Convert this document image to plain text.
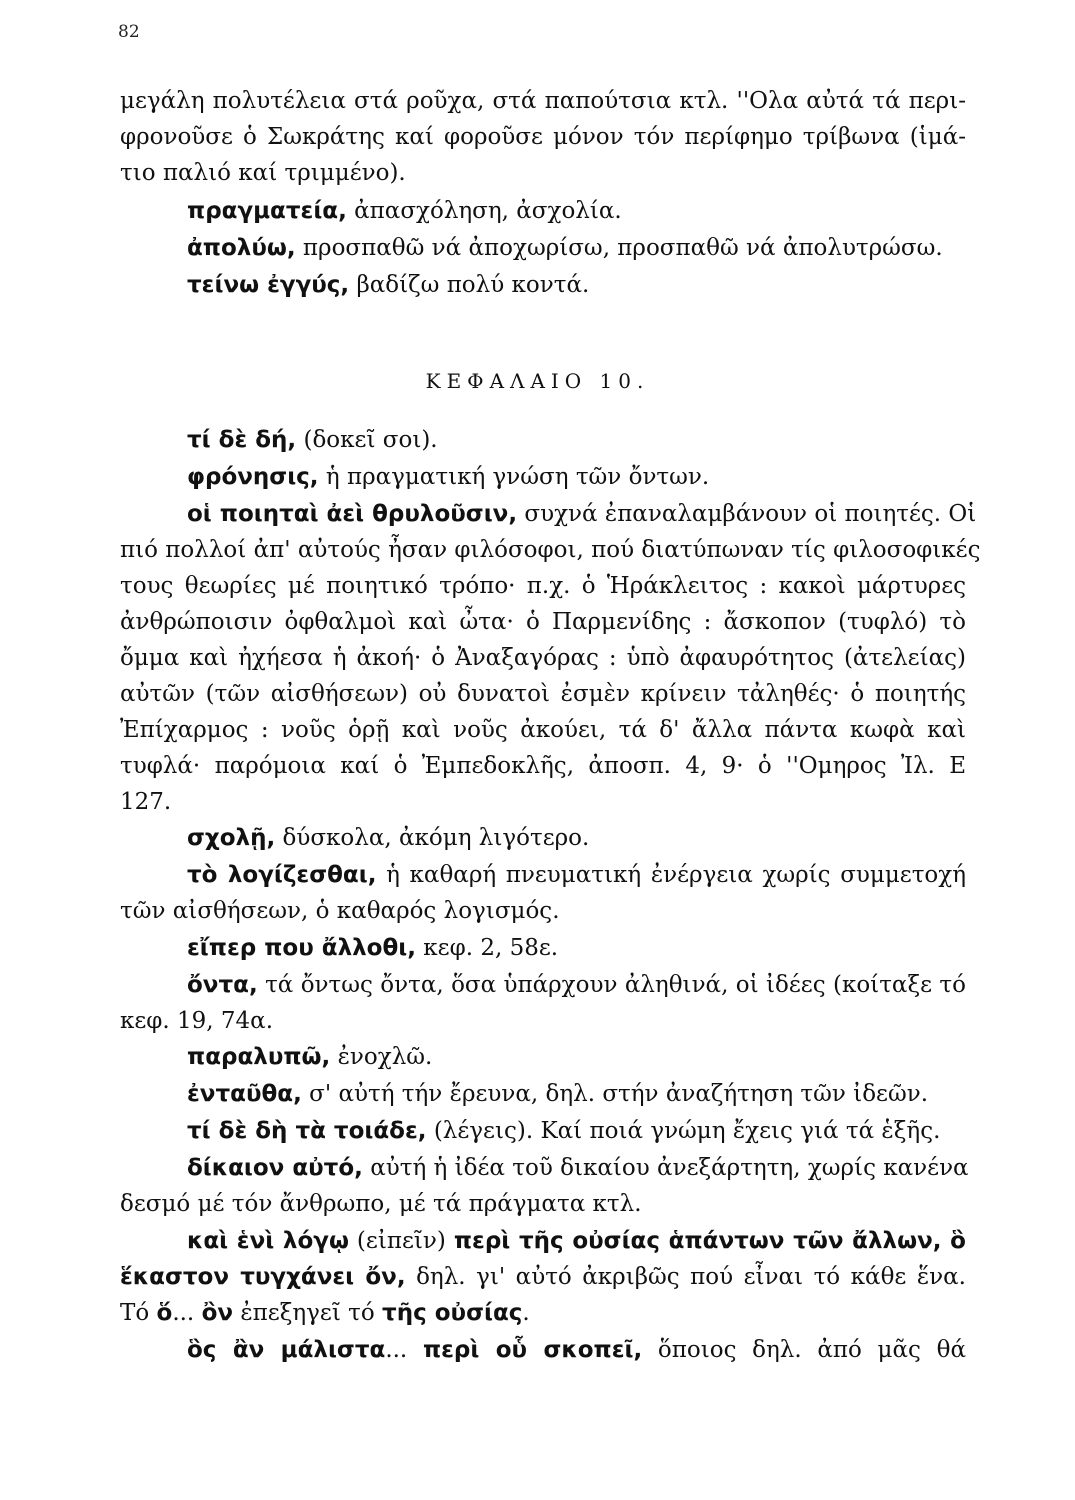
82
μεγάλη πολυτέλεια στά ροῦχα, στά παπούτσια κτλ. ''Ολα αὐτά τά περι-
φρονοῦσε ὁ Σωκράτης καί φοροῦσε μόνον τόν περίφημο τρίβωνα (ἱμά-
τιο παλιό καί τριμμένο).
πραγματεία, ἀπασχόληση, ἀσχολία.
ἀπολύω, προσπαθῶ νά ἀποχωρίσω, προσπαθῶ νά ἀπολυτρώσω.
τείνω ἐγγύς, βαδίζω πολύ κοντά.
ΚΕΦΑΛΑΙΟ 10.
τί δὲ δή, (δοκεῖ σοι).
φρόνησις, ἡ πραγματική γνώση τῶν ὄντων.
οἱ ποιηταὶ ἀεὶ θρυλοῦσιν, συχνά ἐπαναλαμβάνουν οἱ ποιητές. Οἱ
πιό πολλοί ἀπ' αὐτούς ἦσαν φιλόσοφοι, πού διατύπωναν τίς φιλοσοφικές
τους θεωρίες μέ ποιητικό τρόπο· π.χ. ὁ Ἡράκλειτος : κακοὶ μάρτυρες
ἀνθρώποισιν ὀφθαλμοὶ καὶ ὦτα· ὁ Παρμενίδης : ἄσκοπον (τυφλό) τὸ
ὄμμα καὶ ἠχήεσα ἡ ἀκοή· ὁ Ἀναξαγόρας : ὑπὸ ἀφαυρότητος (ἀτελείας)
αὐτῶν (τῶν αἰσθήσεων) οὐ δυνατοὶ ἐσμὲν κρίνειν τἀληθές· ὁ ποιητής
Ἐπίχαρμος : νοῦς ὁρῇ καὶ νοῦς ἀκούει, τά δ' ἄλλα πάντα κωφὰ καὶ
τυφλά· παρόμοια καί ὁ Ἐμπεδοκλῆς, ἀποσπ. 4, 9· ὁ ''Ομηρος Ἰλ. Ε
127.
σχολῇ, δύσκολα, ἀκόμη λιγότερο.
τὸ λογίζεσθαι, ἡ καθαρή πνευματική ἐνέργεια χωρίς συμμετοχή
τῶν αἰσθήσεων, ὁ καθαρός λογισμός.
εἴπερ που ἄλλοθι, κεφ. 2, 58ε.
ὄντα, τά ὄντως ὄντα, ὅσα ὑπάρχουν ἀληθινά, οἱ ἰδέες (κοίταξε τό
κεφ. 19, 74α.
παραλυπῶ, ἐνοχλῶ.
ἐνταῦθα, σ' αὐτή τήν ἔρευνα, δηλ. στήν ἀναζήτηση τῶν ἰδεῶν.
τί δὲ δὴ τὰ τοιάδε, (λέγεις). Καί ποιά γνώμη ἔχεις γιά τά ἑξῆς.
δίκαιον αὐτό, αὐτή ἡ ἰδέα τοῦ δικαίου ἀνεξάρτητη, χωρίς κανένα
δεσμό μέ τόν ἄνθρωπο, μέ τά πράγματα κτλ.
καὶ ἑνὶ λόγῳ (εἰπεῖν) περὶ τῆς οὐσίας ἁπάντων τῶν ἄλλων, ὃ
ἕκαστον τυγχάνει ὄν, δηλ. γι' αὐτό ἀκριβῶς πού εἶναι τό κάθε ἕνα.
Τό ὅ... ὂν ἐπεξηγεῖ τό τῆς οὐσίας.
ὃς ἂν μάλιστα... περὶ οὗ σκοπεῖ, ὅποιος δηλ. ἀπό μᾶς θά
